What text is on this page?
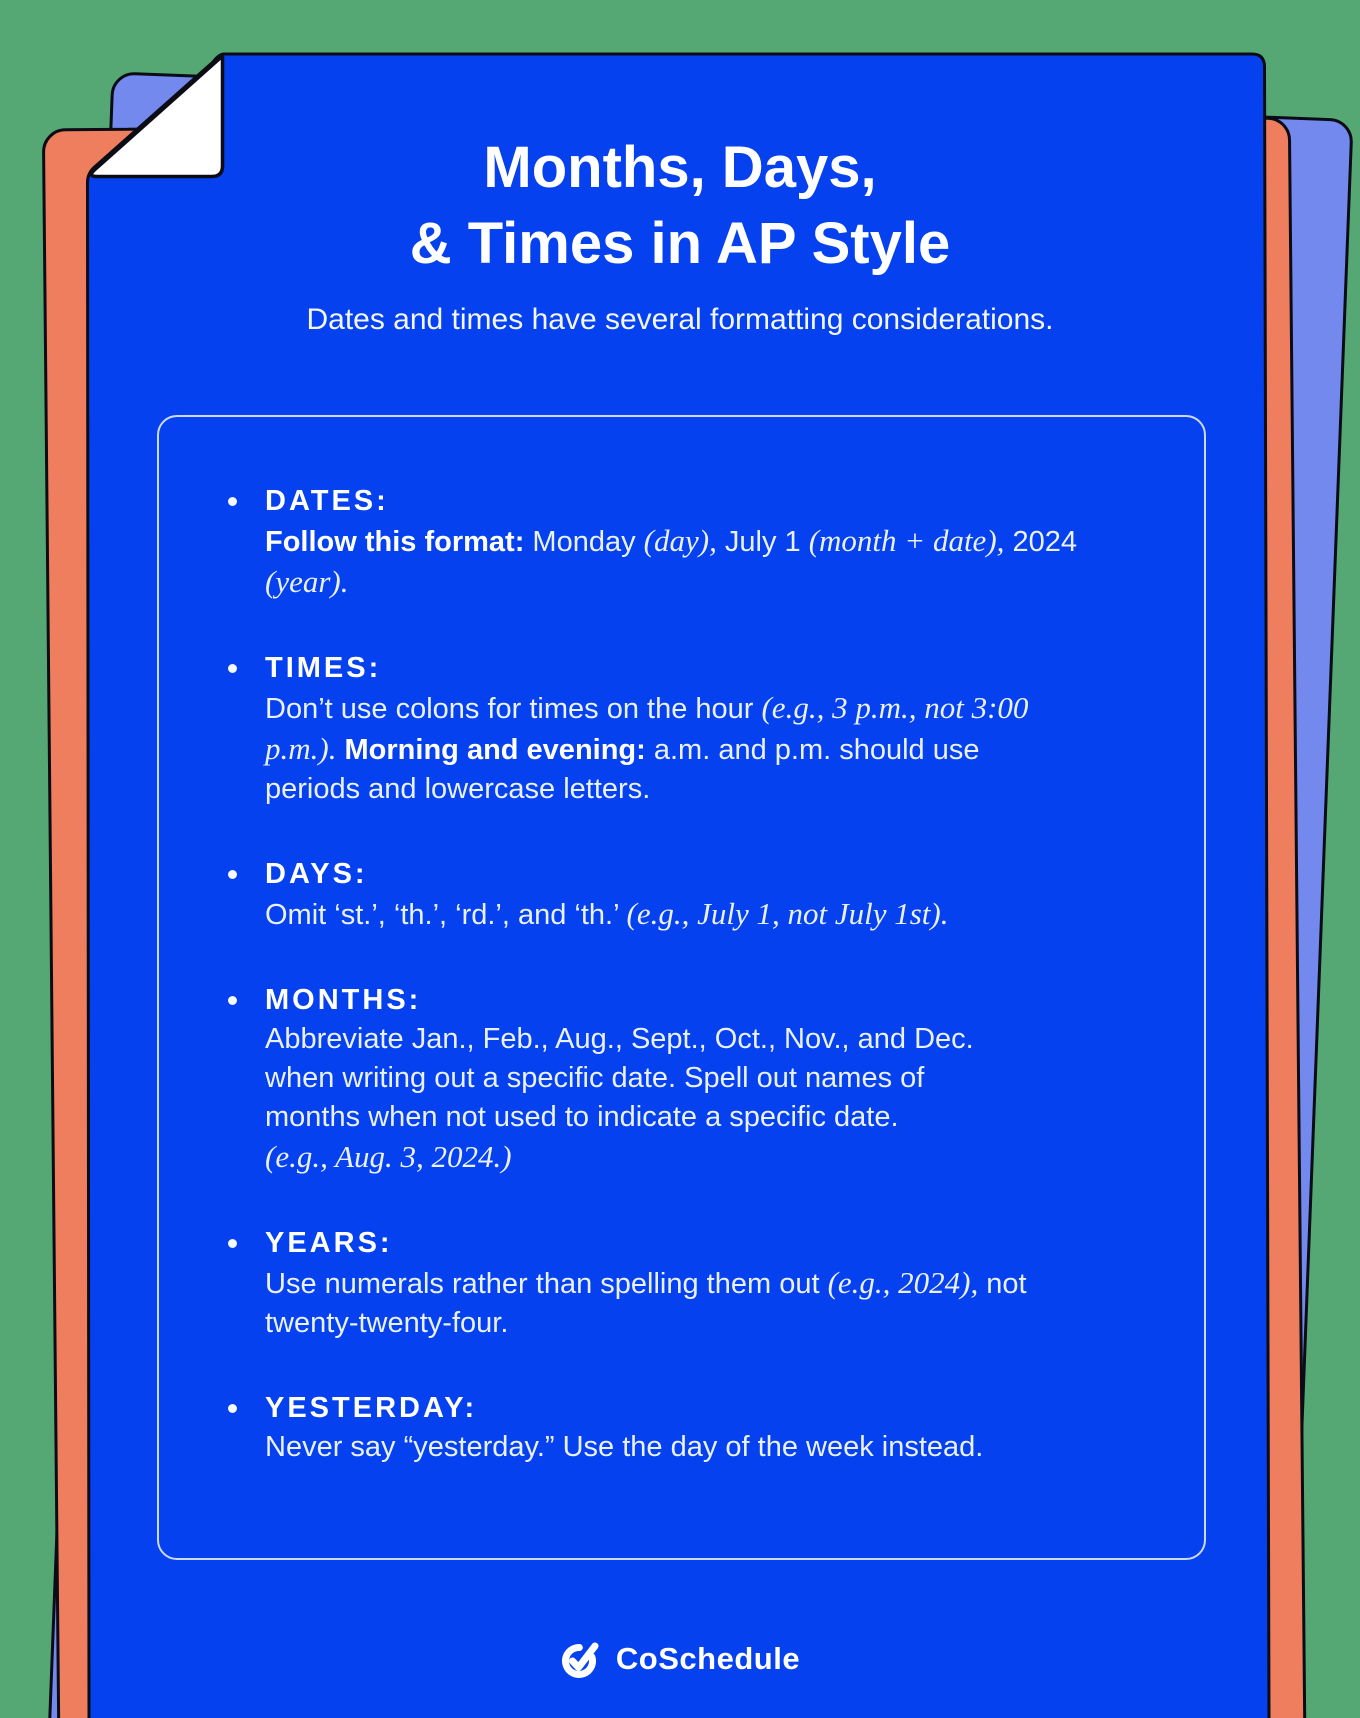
Months, Days,
& Times in AP Style
Dates and times have several formatting considerations.
DATES:
Follow this format: Monday (day), July 1 (month + date), 2024
(year).
TIMES:
Don’t use colons for times on the hour (e.g., 3 p.m., not 3:00
p.m.). Morning and evening: a.m. and p.m. should use
periods and lowercase letters.
DAYS:
Omit ‘st.’, ‘th.’, ‘rd.’, and ‘th.’ (e.g., July 1, not July 1st).
MONTHS:
Abbreviate Jan., Feb., Aug., Sept., Oct., Nov., and Dec.
when writing out a specific date. Spell out names of
months when not used to indicate a specific date.
(e.g., Aug. 3, 2024.)
YEARS:
Use numerals rather than spelling them out (e.g., 2024), not
twenty-twenty-four.
YESTERDAY:
Never say “yesterday.” Use the day of the week instead.
CoSchedule
